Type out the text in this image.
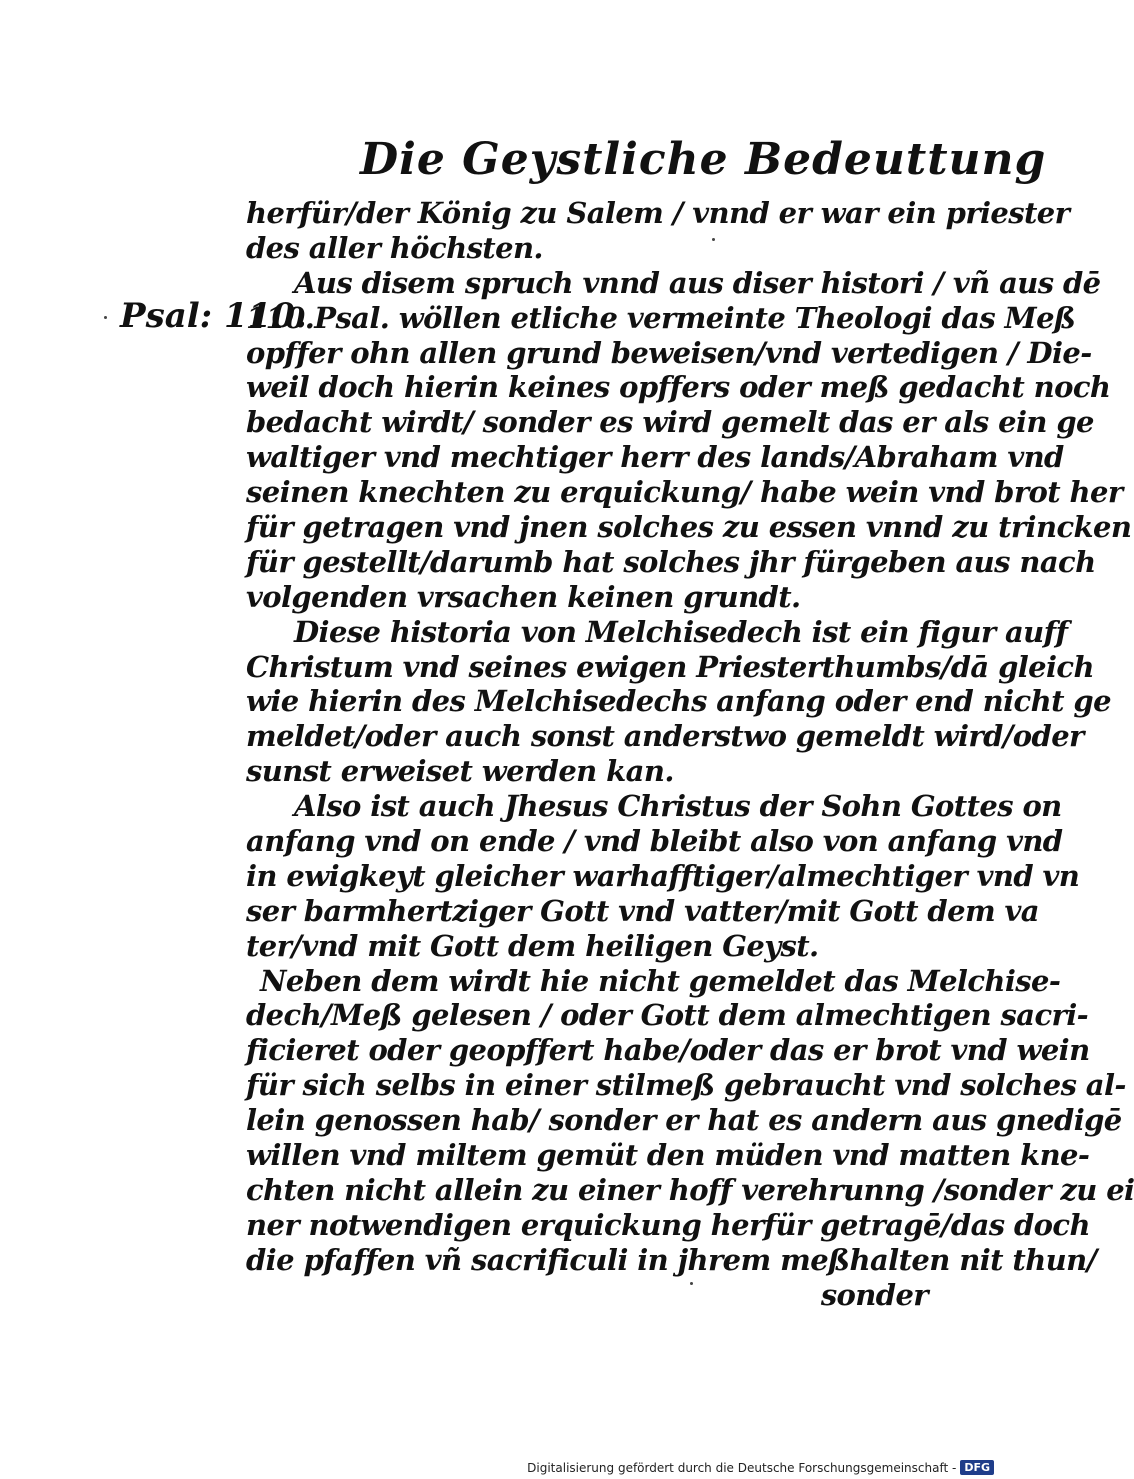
Die Geystliche Bedeuttung
Psal: 110.
herfür/der König zu Salem / vnnd er war ein priester
des aller höchsten.
Aus disem spruch vnnd aus diser histori / vñ aus dē
110.Psal. wöllen etliche vermeinte Theologi das Meß
opffer ohn allen grund beweisen/vnd vertedigen / Die-
weil doch hierin keines opffers oder meß gedacht noch
bedacht wirdt/ sonder es wird gemelt das er als ein ge
waltiger vnd mechtiger herr des lands/Abraham vnd
seinen knechten zu erquickung/ habe wein vnd brot her
für getragen vnd jnen solches zu essen vnnd zu trincken
für gestellt/darumb hat solches jhr fürgeben aus nach
volgenden vrsachen keinen grundt.
Diese historia von Melchisedech ist ein figur auff
Christum vnd seines ewigen Priesterthumbs/dā gleich
wie hierin des Melchisedechs anfang oder end nicht ge
meldet/oder auch sonst anderstwo gemeldt wird/oder
sunst erweiset werden kan.
Also ist auch Jhesus Christus der Sohn Gottes on
anfang vnd on ende / vnd bleibt also von anfang vnd
in ewigkeyt gleicher warhafftiger/almechtiger vnd vn
ser barmhertziger Gott vnd vatter/mit Gott dem va
ter/vnd mit Gott dem heiligen Geyst.
Neben dem wirdt hie nicht gemeldet das Melchise-
dech/Meß gelesen / oder Gott dem almechtigen sacri-
ficieret oder geopffert habe/oder das er brot vnd wein
für sich selbs in einer stilmeß gebraucht vnd solches al-
lein genossen hab/ sonder er hat es andern aus gnedigē
willen vnd miltem gemüt den müden vnd matten kne-
chten nicht allein zu einer hoff verehrunng /sonder zu ei
ner notwendigen erquickung herfür getragē/das doch
die pfaffen vñ sacrificuli in jhrem meßhalten nit thun/
sonder
Digitalisierung gefördert durch die Deutsche Forschungsgemeinschaft - DFG
